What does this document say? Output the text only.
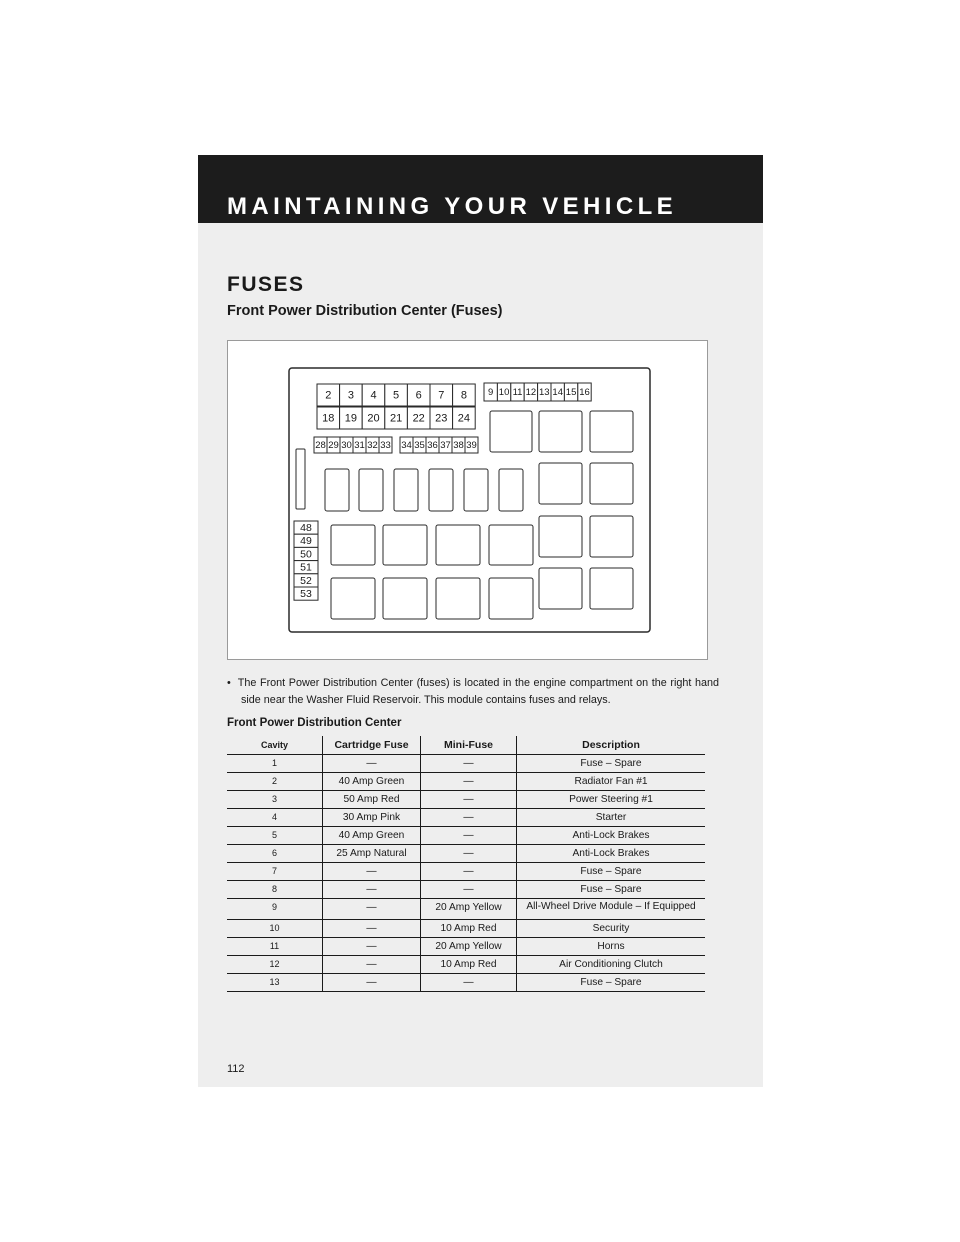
MAINTAINING YOUR VEHICLE
FUSES
Front Power Distribution Center (Fuses)
2 3 4 5 6 7 8
18 19 20 21 22 23 24
9 10 11 12 13 14 15 16
28 29 30 31 32 33 34 35 36 37 38 39
48
49
50
51
52
53
• The Front Power Distribution Center (fuses) is located in the engine compartment on the right hand side near the Washer Fluid Reservoir. This module contains fuses and relays.
Front Power Distribution Center
Cavity	Cartridge Fuse	Mini-Fuse	Description
1	—	—	Fuse – Spare
2	40 Amp Green	—	Radiator Fan #1
3	50 Amp Red	—	Power Steering #1
4	30 Amp Pink	—	Starter
5	40 Amp Green	—	Anti-Lock Brakes
6	25 Amp Natural	—	Anti-Lock Brakes
7	—	—	Fuse – Spare
8	—	—	Fuse – Spare
9	—	20 Amp Yellow	All-Wheel Drive Module – If Equipped
10	—	10 Amp Red	Security
11	—	20 Amp Yellow	Horns
12	—	10 Amp Red	Air Conditioning Clutch
13	—	—	Fuse – Spare
112
